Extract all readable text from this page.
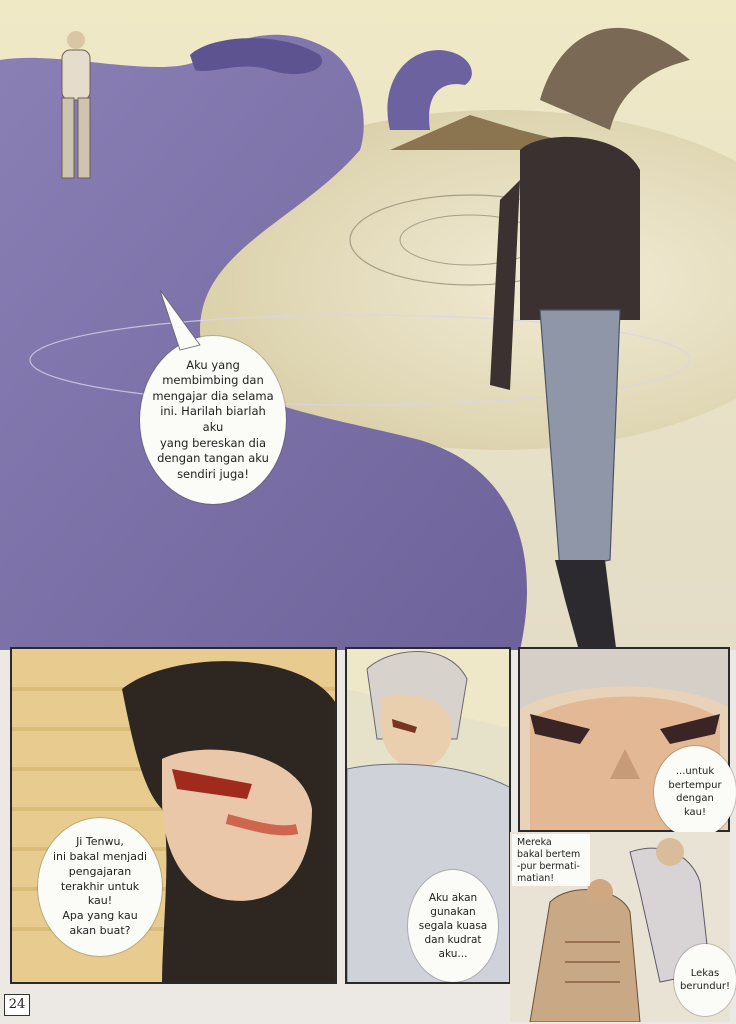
Aku yang
membimbing dan
mengajar dia selama
ini. Harilah biarlah aku
yang bereskan dia
dengan tangan aku
sendiri juga!
Ji Tenwu,
ini bakal menjadi
pengajaran
terakhir untuk kau!
Apa yang kau
akan buat?
Aku akan
gunakan
segala kuasa
dan kudrat
aku...
...untuk
bertempur
dengan
kau!
Mereka
bakal bertem
-pur bermati-
matian!
Lekas
berundur!
24
